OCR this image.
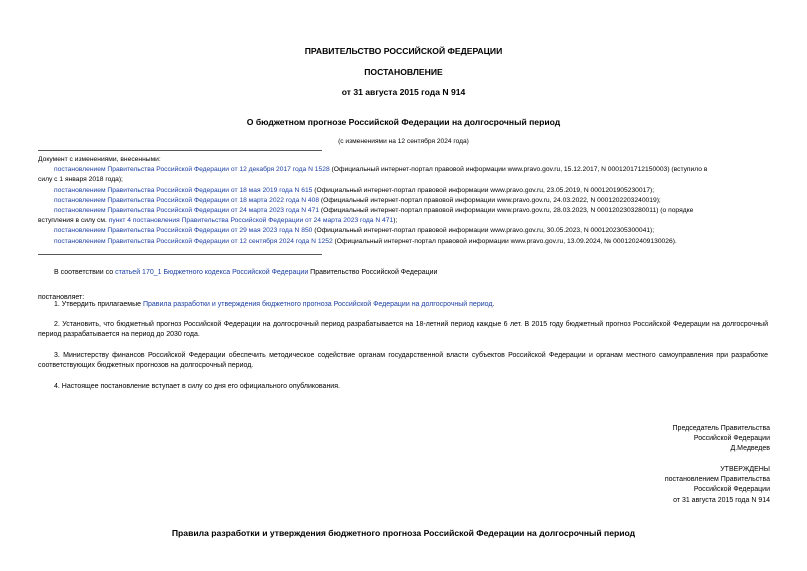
ПРАВИТЕЛЬСТВО РОССИЙСКОЙ ФЕДЕРАЦИИ
ПОСТАНОВЛЕНИЕ
от 31 августа 2015 года N 914
О бюджетном прогнозе Российской Федерации на долгосрочный период
(с изменениями на 12 сентября 2024 года)
Документ с изменениями, внесенными:
постановлением Правительства Российской Федерации от 12 декабря 2017 года N 1528 (Официальный интернет-портал правовой информации www.pravo.gov.ru, 15.12.2017, N 0001201712150003) (вступило в
силу с 1 января 2018 года);
постановлением Правительства Российской Федерации от 18 мая 2019 года N 615 (Официальный интернет-портал правовой информации www.pravo.gov.ru, 23.05.2019, N 0001201905230017);
постановлением Правительства Российской Федерации от 18 марта 2022 года N 408 (Официальный интернет-портал правовой информации www.pravo.gov.ru, 24.03.2022, N 0001202203240019);
постановлением Правительства Российской Федерации от 24 марта 2023 года N 471 (Официальный интернет-портал правовой информации www.pravo.gov.ru, 28.03.2023, N 0001202303280011) (о порядке
вступления в силу см. пункт 4 постановления Правительства Российской Федерации от 24 марта 2023 года N 471);
постановлением Правительства Российской Федерации от 29 мая 2023 года N 850 (Официальный интернет-портал правовой информации www.pravo.gov.ru, 30.05.2023, N 0001202305300041);
постановлением Правительства Российской Федерации от 12 сентября 2024 года N 1252 (Официальный интернет-портал правовой информации www.pravo.gov.ru, 13.09.2024, № 0001202409130026).
В соответствии со статьей 170_1 Бюджетного кодекса Российской Федерации Правительство Российской Федерации
постановляет:
1. Утвердить прилагаемые Правила разработки и утверждения бюджетного прогноза Российской Федерации на долгосрочный период.
2. Установить, что бюджетный прогноз Российской Федерации на долгосрочный период разрабатывается на 18-летний период каждые 6 лет. В 2015 году бюджетный прогноз Российской Федерации на долгосрочный период разрабатывается на период до 2030 года.
3. Министерству финансов Российской Федерации обеспечить методическое содействие органам государственной власти субъектов Российской Федерации и органам местного самоуправления при разработке соответствующих бюджетных прогнозов на долгосрочный период.
4. Настоящее постановление вступает в силу со дня его официального опубликования.
Председатель Правительства
Российской Федерации
Д.Медведев
УТВЕРЖДЕНЫ
постановлением Правительства
Российской Федерации
от 31 августа 2015 года N 914
Правила разработки и утверждения бюджетного прогноза Российской Федерации на долгосрочный период
